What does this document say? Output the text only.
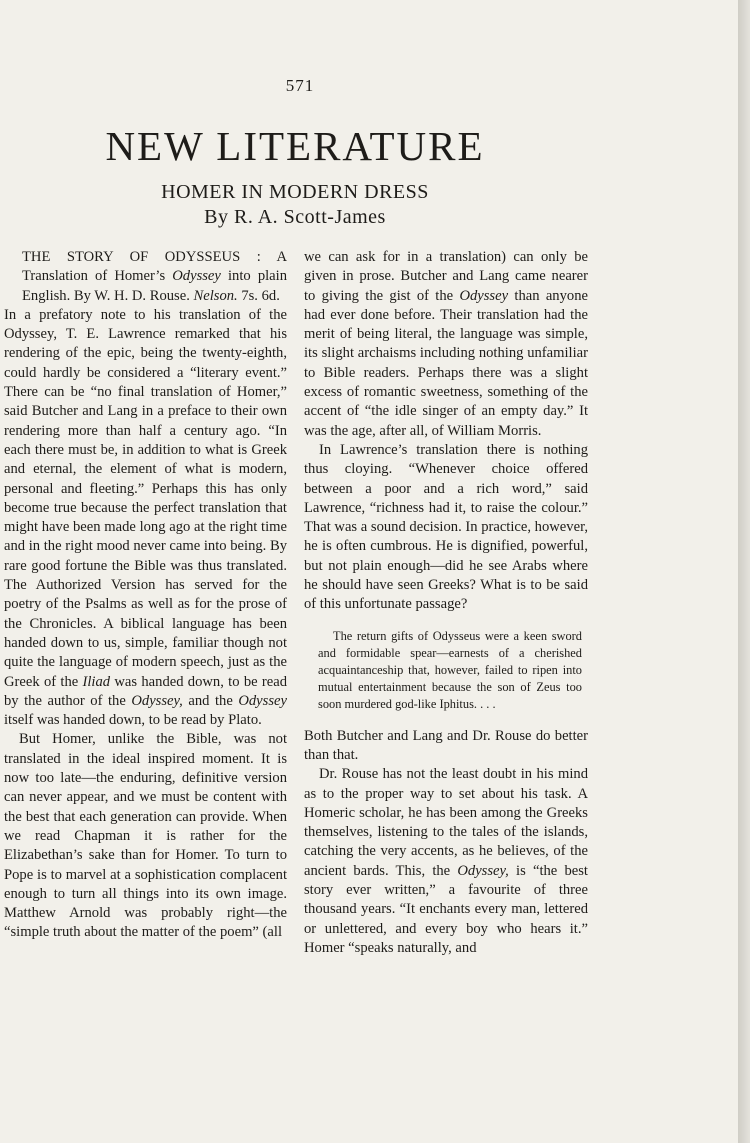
571
NEW LITERATURE
HOMER IN MODERN DRESS
By R. A. Scott-James

THE STORY OF ODYSSEUS : A Translation of Homer’s Odyssey into plain English. By W. H. D. Rouse. Nelson. 7s. 6d.

In a prefatory note to his translation of the Odyssey, T. E. Lawrence remarked that his rendering of the epic, being the twenty-eighth, could hardly be considered a “literary event.” There can be “no final translation of Homer,” said Butcher and Lang in a preface to their own rendering more than half a century ago. “In each there must be, in addition to what is Greek and eternal, the element of what is modern, personal and fleeting.” Perhaps this has only become true because the perfect translation that might have been made long ago at the right time and in the right mood never came into being. By rare good fortune the Bible was thus translated. The Authorized Version has served for the poetry of the Psalms as well as for the prose of the Chronicles. A biblical language has been handed down to us, simple, familiar though not quite the language of modern speech, just as the Greek of the Iliad was handed down, to be read by the author of the Odyssey, and the Odyssey itself was handed down, to be read by Plato.

But Homer, unlike the Bible, was not translated in the ideal inspired moment. It is now too late—the enduring, definitive version can never appear, and we must be content with the best that each generation can provide. When we read Chapman it is rather for the Elizabethan’s sake than for Homer. To turn to Pope is to marvel at a sophistication complacent enough to turn all things into its own image. Matthew Arnold was probably right—the “simple truth about the matter of the poem” (all

we can ask for in a translation) can only be given in prose. Butcher and Lang came nearer to giving the gist of the Odyssey than anyone had ever done before. Their translation had the merit of being literal, the language was simple, its slight archaisms including nothing unfamiliar to Bible readers. Perhaps there was a slight excess of romantic sweetness, something of the accent of “the idle singer of an empty day.” It was the age, after all, of William Morris.

In Lawrence’s translation there is nothing thus cloying. “Whenever choice offered between a poor and a rich word,” said Lawrence, “richness had it, to raise the colour.” That was a sound decision. In practice, however, he is often cumbrous. He is dignified, powerful, but not plain enough—did he see Arabs where he should have seen Greeks? What is to be said of this unfortunate passage?

The return gifts of Odysseus were a keen sword and formidable spear—earnests of a cherished acquaintanceship that, however, failed to ripen into mutual entertainment because the son of Zeus too soon murdered god-like Iphitus. . . .

Both Butcher and Lang and Dr. Rouse do better than that.

Dr. Rouse has not the least doubt in his mind as to the proper way to set about his task. A Homeric scholar, he has been among the Greeks themselves, listening to the tales of the islands, catching the very accents, as he believes, of the ancient bards. This, the Odyssey, is “the best story ever written,” a favourite of three thousand years. “It enchants every man, lettered or unlettered, and every boy who hears it.” Homer “speaks naturally, and
